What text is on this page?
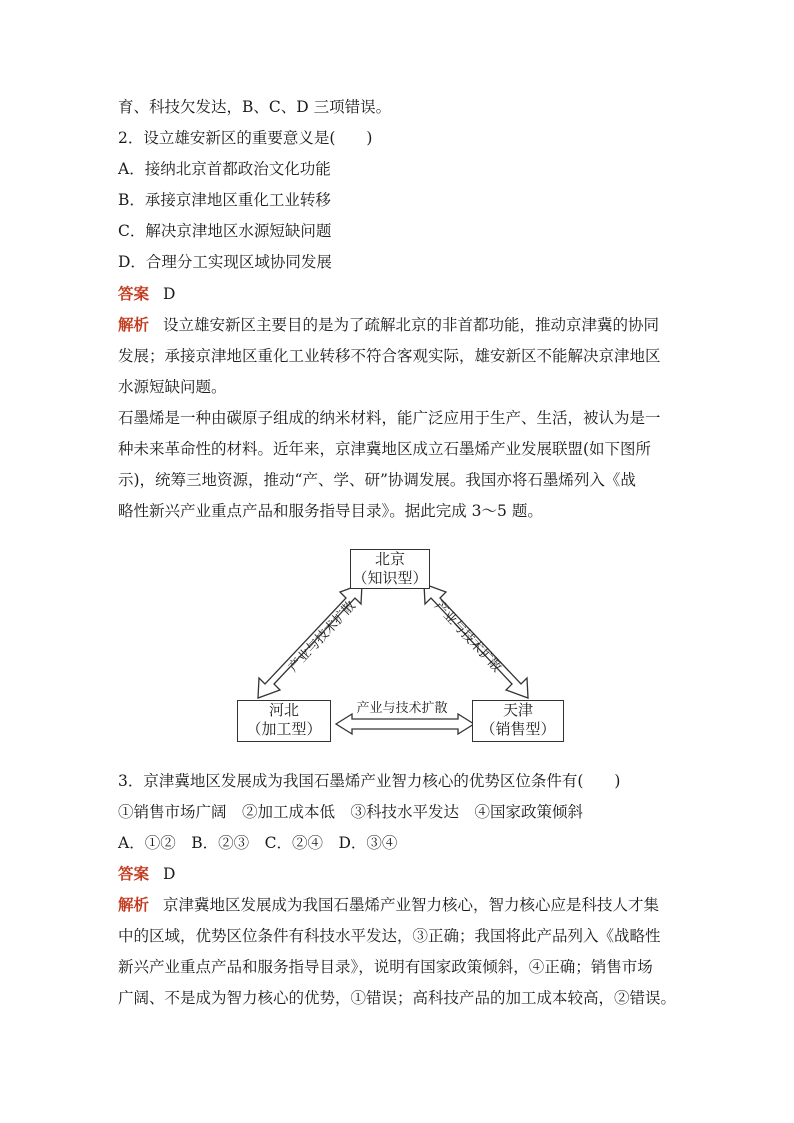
育、科技欠发达，B、C、D 三项错误。
2．设立雄安新区的重要意义是(　　)
A．接纳北京首都政治文化功能
B．承接京津地区重化工业转移
C．解决京津地区水源短缺问题
D．合理分工实现区域协同发展
答案 D
解析 设立雄安新区主要目的是为了疏解北京的非首都功能，推动京津冀的协同
发展；承接京津地区重化工业转移不符合客观实际，雄安新区不能解决京津地区
水源短缺问题。
石墨烯是一种由碳原子组成的纳米材料，能广泛应用于生产、生活，被认为是一
种未来革命性的材料。近年来，京津冀地区成立石墨烯产业发展联盟(如下图所
示)，统筹三地资源，推动“产、学、研”协调发展。我国亦将石墨烯列入《战
略性新兴产业重点产品和服务指导目录》。据此完成 3～5 题。
北京
（知识型）
河北
（加工型）
天津
（销售型）
产业与技术扩散	产业与技术扩散
产业与技术扩散
3．京津冀地区发展成为我国石墨烯产业智力核心的优势区位条件有(　　)
①销售市场广阔　②加工成本低　③科技水平发达　④国家政策倾斜
A．①②　B．②③　C．②④　D．③④
答案 D
解析 京津冀地区发展成为我国石墨烯产业智力核心，智力核心应是科技人才集
中的区域，优势区位条件有科技水平发达，③正确；我国将此产品列入《战略性
新兴产业重点产品和服务指导目录》，说明有国家政策倾斜，④正确；销售市场
广阔、不是成为智力核心的优势，①错误；高科技产品的加工成本较高，②错误。
